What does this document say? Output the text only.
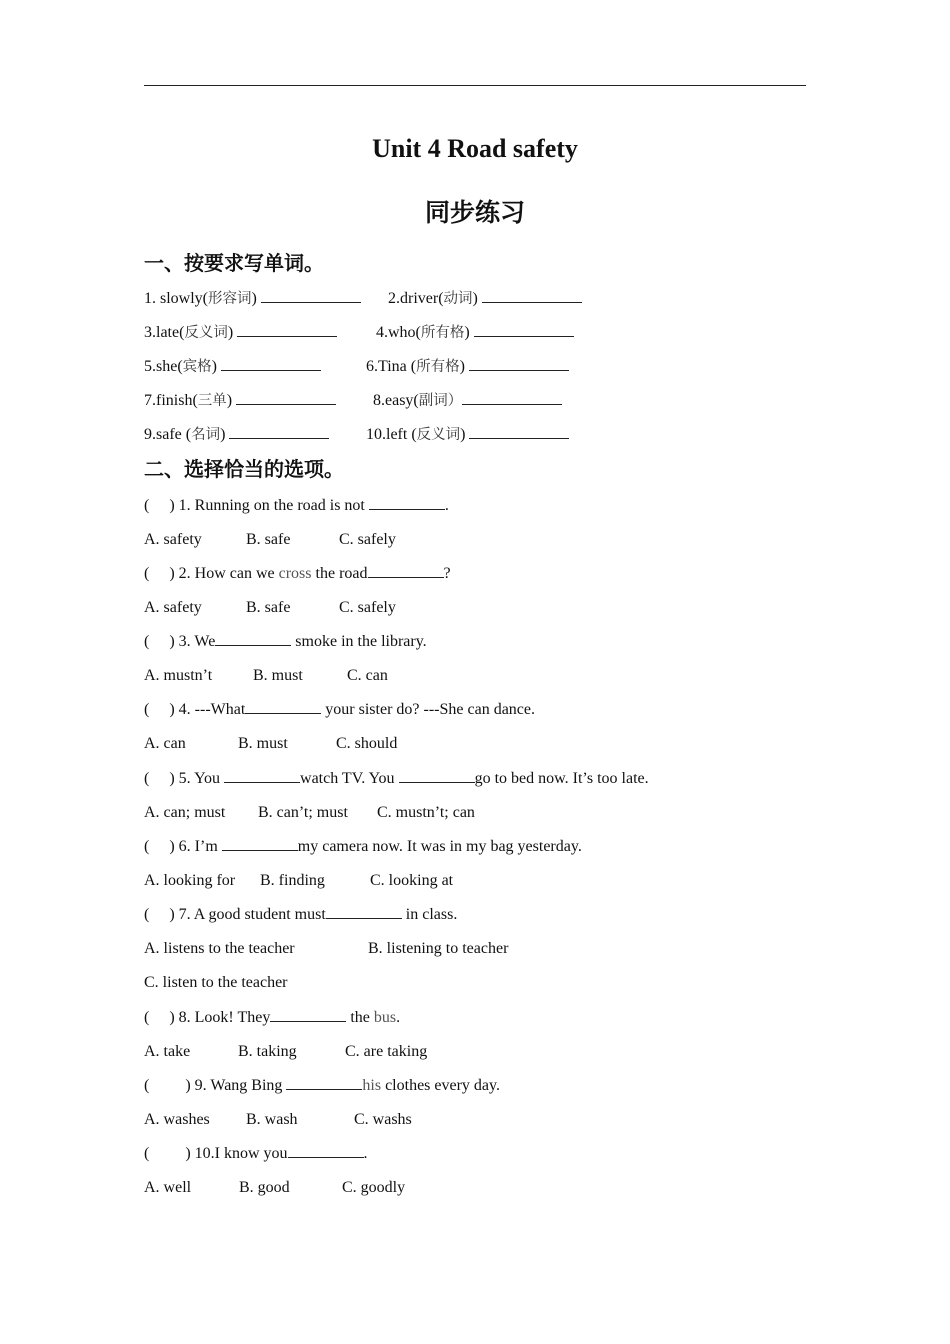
Unit 4 Road safety
同步练习
一、按要求写单词。
1. slowly(形容词)	2.driver(动词)
3.late(反义词)	4.who(所有格)
5.she(宾格)	6.Tina (所有格)
7.finish(三单)	8.easy(副词）
9.safe (名词)	10.left (反义词)
二、选择恰当的选项。
(     ) 1. Running on the road is not	.
A. safety	B. safe	C. safely
(     ) 2. How can we cross the road	?
A. safety	B. safe	C. safely
(     ) 3. We	smoke in the library.
A. mustn’t	B. must	C. can
(     ) 4. ---What	your sister do? ---She can dance.
A. can	B. must	C. should
(     ) 5. You	watch TV. You	go to bed now. It’s too late.
A. can; must B. can’t; must C. mustn’t; can
(     ) 6. I’m	my camera now. It was in my bag yesterday.
A. looking for B. finding	C. looking at
(     ) 7. A good student must	in class.
A. listens to the teacher	B. listening to teacher
C. listen to the teacher
(     ) 8. Look! They	the bus.
A. take	B. taking	C. are taking
(         ) 9. Wang Bing	his clothes every day.
A. washes B. wash	C. washs
(         ) 10.I know you	.
A. well	B. good	C. goodly
